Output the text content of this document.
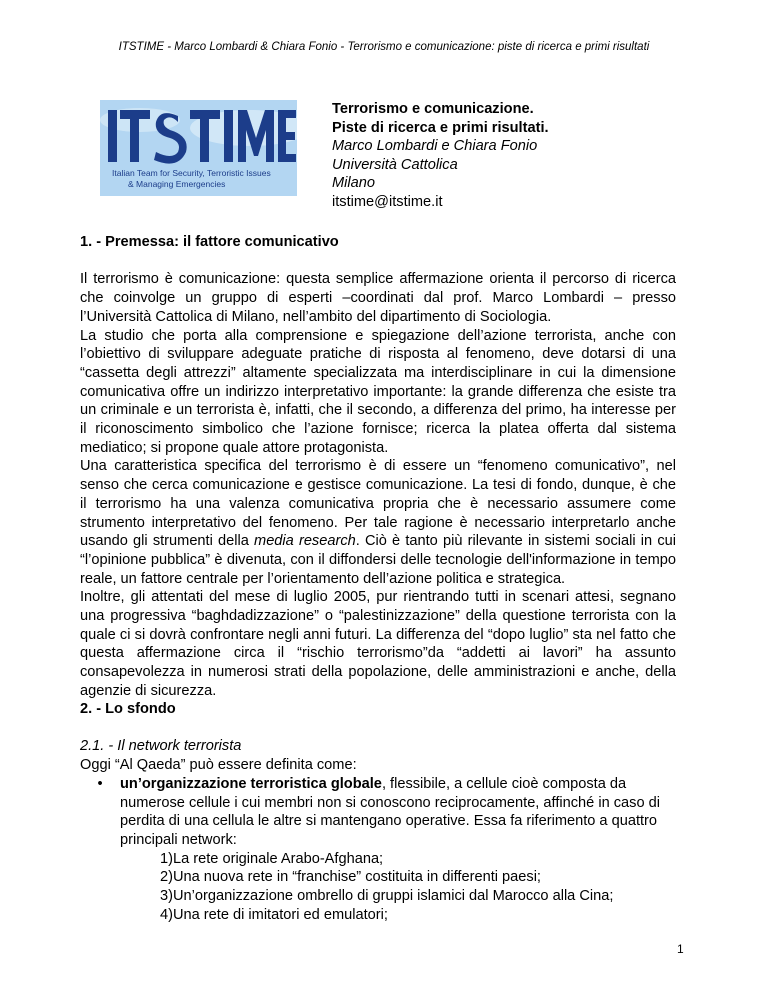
ITSTIME - Marco Lombardi & Chiara Fonio - Terrorismo e comunicazione: piste di ricerca e primi risultati
Italian Team for Security, Terroristic Issues
& Managing Emergencies
Terrorismo e comunicazione.
Piste di ricerca e primi risultati.
Marco Lombardi e Chiara Fonio
Università Cattolica
Milano
itstime@itstime.it
1. - Premessa: il fattore comunicativo

Il terrorismo è comunicazione: questa semplice affermazione orienta il percorso di ricerca che coinvolge un gruppo di esperti –coordinati dal prof. Marco Lombardi – presso l’Università Cattolica di Milano, nell’ambito del dipartimento di Sociologia.

La studio che porta alla comprensione e spiegazione dell’azione terrorista, anche con l’obiettivo di sviluppare adeguate pratiche di risposta al fenomeno, deve dotarsi di una “cassetta degli attrezzi” altamente specializzata ma interdisciplinare in cui la dimensione comunicativa offre un indirizzo interpretativo importante: la grande differenza che esiste tra un criminale e un terrorista è, infatti, che il secondo, a differenza del primo, ha interesse per il riconoscimento simbolico che l’azione fornisce; ricerca la platea offerta dal sistema mediatico; si propone quale attore protagonista.

Una caratteristica specifica del terrorismo è di essere un “fenomeno comunicativo”, nel senso che cerca comunicazione e gestisce comunicazione. La tesi di fondo, dunque, è che il terrorismo ha una valenza comunicativa propria che è necessario assumere come strumento interpretativo del fenomeno. Per tale ragione è necessario interpretarlo anche usando gli strumenti della media research. Ciò è tanto più rilevante in sistemi sociali in cui “l’opinione pubblica” è divenuta, con il diffondersi delle tecnologie dell'informazione in tempo reale, un fattore centrale per l’orientamento dell’azione politica e strategica.

Inoltre, gli attentati del mese di luglio 2005, pur rientrando tutti in scenari attesi, segnano una progressiva “baghdadizzazione” o “palestinizzazione” della questione terrorista con la quale ci si dovrà confrontare negli anni futuri. La differenza del “dopo luglio” sta nel fatto che questa affermazione circa il “rischio terrorismo”da “addetti ai lavori” ha assunto consapevolezza in numerosi strati della popolazione, delle amministrazioni e anche, della agenzie di sicurezza.

2. - Lo sfondo
2.1. - Il network terrorista
Oggi “Al Qaeda” può essere definita come:
•	un’organizzazione terroristica globale, flessibile, a cellule cioè composta da numerose cellule i cui membri non si conoscono reciprocamente, affinché in caso di perdita di una cellula le altre si mantengano operative. Essa fa riferimento a quattro principali network:
1)La rete originale Arabo-Afghana;
2)Una nuova rete in “franchise” costituita in differenti paesi;
3)Un’organizzazione ombrello di gruppi islamici dal Marocco alla Cina;
4)Una rete di imitatori ed emulatori;
1
